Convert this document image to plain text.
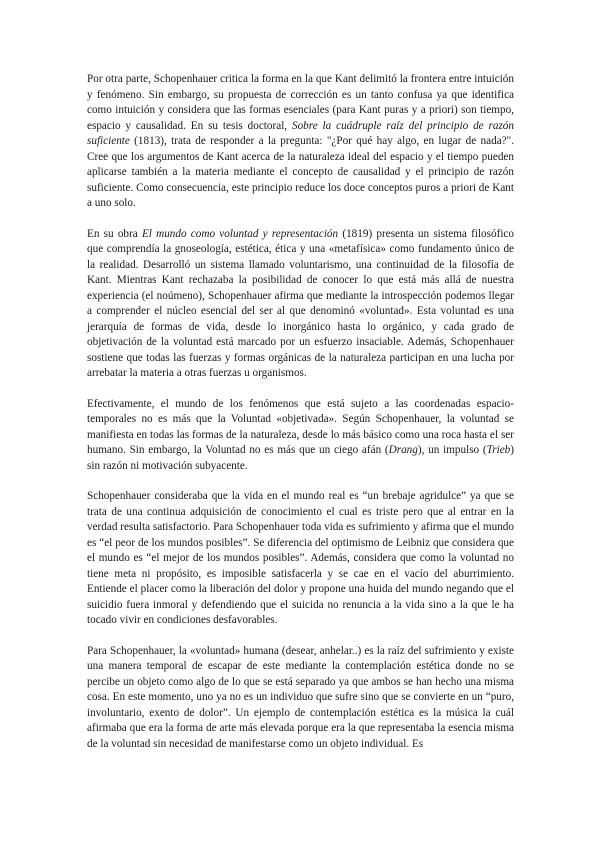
Por otra parte, Schopenhauer critica la forma en la que Kant delimitó la frontera entre intuición y fenómeno. Sin embargo, su propuesta de corrección es un tanto confusa ya que identifica como intuición y considera que las formas esenciales (para Kant puras y a priori) son tiempo, espacio y causalidad. En su tesis doctoral, Sobre la cuádruple raíz del principio de razón suficiente (1813), trata de responder a la pregunta: "¿Por qué hay algo, en lugar de nada?". Cree que los argumentos de Kant acerca de la naturaleza ideal del espacio y el tiempo pueden aplicarse también a la materia mediante el concepto de causalidad y el principio de razón suficiente. Como consecuencia, este principio reduce los doce conceptos puros a priori de Kant a uno solo.

En su obra El mundo como voluntad y representación (1819) presenta un sistema filosófico que comprendía la gnoseología, estética, ética y una «metafísica» como fundamento único de la realidad. Desarrolló un sistema llamado voluntarismo, una continuidad de la filosofía de Kant. Mientras Kant rechazaba la posibilidad de conocer lo que está más allá de nuestra experiencia (el noúmeno), Schopenhauer afirma que mediante la introspección podemos llegar a comprender el núcleo esencial del ser al que denominó «voluntad». Esta voluntad es una jerarquía de formas de vida, desde lo inorgánico hasta lo orgánico, y cada grado de objetivación de la voluntad está marcado por un esfuerzo insaciable. Además, Schopenhauer sostiene que todas las fuerzas y formas orgánicas de la naturaleza participan en una lucha por arrebatar la materia a otras fuerzas u organismos.

Efectivamente, el mundo de los fenómenos que está sujeto a las coordenadas espacio-temporales no es más que la Voluntad «objetivada». Según Schopenhauer, la voluntad se manifiesta en todas las formas de la naturaleza, desde lo más básico como una roca hasta el ser humano. Sin embargo, la Voluntad no es más que un ciego afán (Drang), un impulso (Trieb) sin razón ni motivación subyacente.

Schopenhauer consideraba que la vida en el mundo real es “un brebaje agridulce” ya que se trata de una continua adquisición de conocimiento el cual es triste pero que al entrar en la verdad resulta satisfactorio. Para Schopenhauer toda vida es sufrimiento y afirma que el mundo es “el peor de los mundos posibles”. Se diferencia del optimismo de Leibniz que considera que el mundo es “el mejor de los mundos posibles”. Además, considera que como la voluntad no tiene meta ni propósito, es imposible satisfacerla y se cae en el vacío del aburrimiento. Entiende el placer como la liberación del dolor y propone una huida del mundo negando que el suicidio fuera inmoral y defendiendo que el suicida no renuncia a la vida sino a la que le ha tocado vivir en condiciones desfavorables.

Para Schopenhauer, la «voluntad» humana (desear, anhelar..) es la raíz del sufrimiento y existe una manera temporal de escapar de este mediante la contemplación estética donde no se percibe un objeto como algo de lo que se está separado ya que ambos se han hecho una misma cosa. En este momento, uno ya no es un individuo que sufre sino que se convierte en un “puro, involuntario, exento de dolor”. Un ejemplo de contemplación estética es la música la cuál afirmaba que era la forma de arte más elevada porque era la que representaba la esencia misma de la voluntad sin necesidad de manifestarse como un objeto individual. Es
